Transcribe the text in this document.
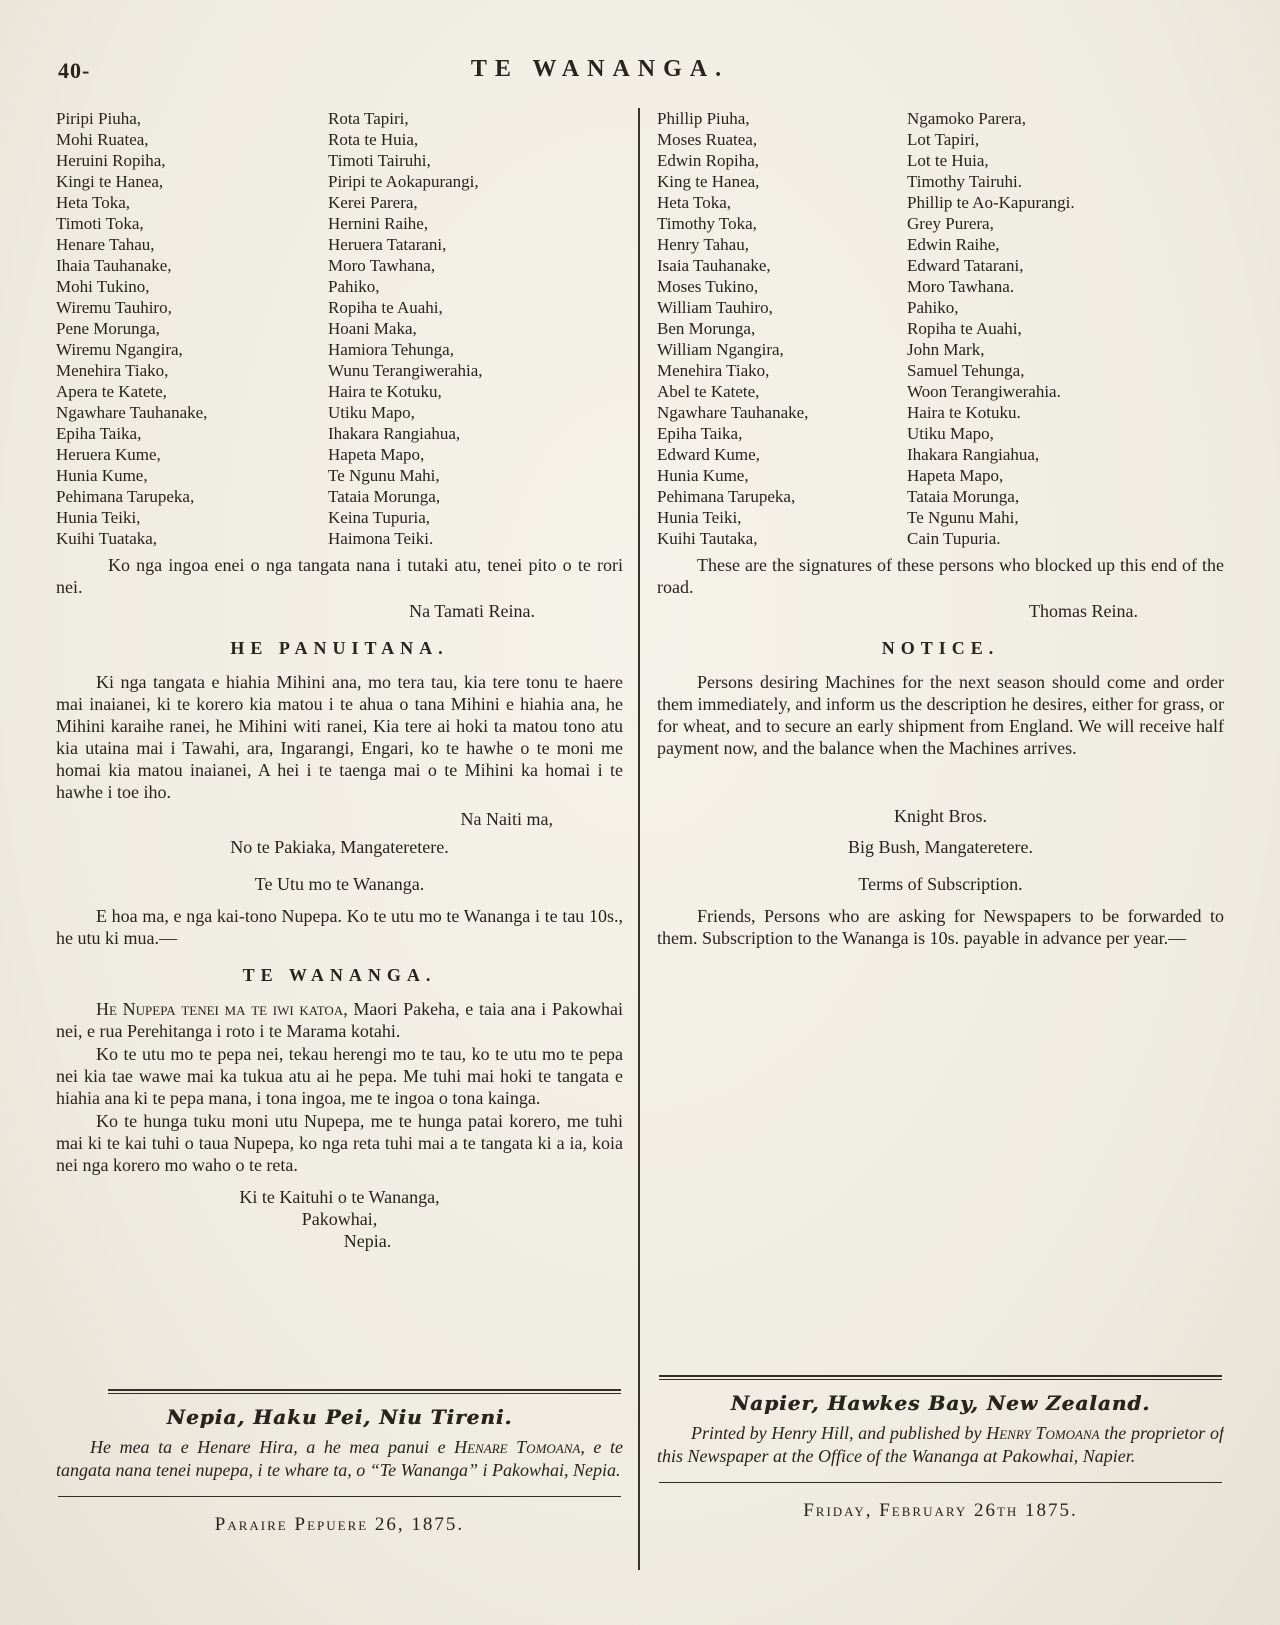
40-	TE WANANGA.
Piripi Piuha,
Mohi Ruatea,
Heruini Ropiha,
Kingi te Hanea,
Heta Toka,
Timoti Toka,
Henare Tahau,
Ihaia Tauhanake,
Mohi Tukino,
Wiremu Tauhiro,
Pene Morunga,
Wiremu Ngangira,
Menehira Tiako,
Apera te Katete,
Ngawhare Tauhanake,
Epiha Taika,
Heruera Kume,
Hunia Kume,
Pehimana Tarupeka,
Hunia Teiki,
Kuihi Tuataka,
Rota Tapiri,
Rota te Huia,
Timoti Tairuhi,
Piripi te Aokapurangi,
Kerei Parera,
Hernini Raihe,
Heruera Tatarani,
Moro Tawhana,
Pahiko,
Ropiha te Auahi,
Hoani Maka,
Hamiora Tehunga,
Wunu Terangiwerahia,
Haira te Kotuku,
Utiku Mapo,
Ihakara Rangiahua,
Hapeta Mapo,
Te Ngunu Mahi,
Tataia Morunga,
Keina Tupuria,
Haimona Teiki.

Ko nga ingoa enei o nga tangata nana i tutaki atu, tenei pito o te rori nei.

Na Tamati Reina.

HE PANUITANA.

Ki nga tangata e hiahia Mihini ana, mo tera tau, kia tere tonu te haere mai inaianei, ki te korero kia matou i te ahua o tana Mihini e hiahia ana, he Mihini karaihe ranei, he Mihini witi ranei, Kia tere ai hoki ta matou tono atu kia utaina mai i Tawahi, ara, Ingarangi, Engari, ko te hawhe o te moni me homai kia matou inaianei, A hei i te taenga mai o te Mihini ka homai i te hawhe i toe iho.

Na Naiti ma,

No te Pakiaka, Mangateretere.

Te Utu mo te Wananga.

E hoa ma, e nga kai-tono Nupepa. Ko te utu mo te Wananga i te tau 10s., he utu ki mua.—

TE WANANGA.

He Nupepa tenei ma te iwi katoa, Maori Pakeha, e taia ana i Pakowhai nei, e rua Perehitanga i roto i te Marama kotahi.

Ko te utu mo te pepa nei, tekau herengi mo te tau, ko te utu mo te pepa nei kia tae wawe mai ka tukua atu ai he pepa. Me tuhi mai hoki te tangata e hiahia ana ki te pepa mana, i tona ingoa, me te ingoa o tona kainga.

Ko te hunga tuku moni utu Nupepa, me te hunga patai korero, me tuhi mai ki te kai tuhi o taua Nupepa, ko nga reta tuhi mai a te tangata ki a ia, koia nei nga korero mo waho o te reta.

Ki te Kaituhi o te Wananga,

Pakowhai,

Nepia.

Nepia, Haku Pei, Niu Tireni.

He mea ta e Henare Hira, a he mea panui e Henare Tomoana, e te tangata nana tenei nupepa, i te whare ta, o “Te Wananga” i Pakowhai, Nepia.

Paraire Pepuere 26, 1875.

Phillip Piuha,
Moses Ruatea,
Edwin Ropiha,
King te Hanea,
Heta Toka,
Timothy Toka,
Henry Tahau,
Isaia Tauhanake,
Moses Tukino,
William Tauhiro,
Ben Morunga,
William Ngangira,
Menehira Tiako,
Abel te Katete,
Ngawhare Tauhanake,
Epiha Taika,
Edward Kume,
Hunia Kume,
Pehimana Tarupeka,
Hunia Teiki,
Kuihi Tautaka,
Ngamoko Parera,
Lot Tapiri,
Lot te Huia,
Timothy Tairuhi.
Phillip te Ao-Kapurangi.
Grey Purera,
Edwin Raihe,
Edward Tatarani,
Moro Tawhana.
Pahiko,
Ropiha te Auahi,
John Mark,
Samuel Tehunga,
Woon Terangiwerahia.
Haira te Kotuku.
Utiku Mapo,
Ihakara Rangiahua,
Hapeta Mapo,
Tataia Morunga,
Te Ngunu Mahi,
Cain Tupuria.

These are the signatures of these persons who blocked up this end of the road.

Thomas Reina.

NOTICE.

Persons desiring Machines for the next season should come and order them immediately, and inform us the description he desires, either for grass, or for wheat, and to secure an early shipment from England. We will receive half payment now, and the balance when the Machines arrives.

Knight Bros.

Big Bush, Mangateretere.

Terms of Subscription.

Friends, Persons who are asking for Newspapers to be forwarded to them. Subscription to the Wananga is 10s. payable in advance per year.—

Napier, Hawkes Bay, New Zealand.

Printed by Henry Hill, and published by Henry Tomoana the proprietor of this Newspaper at the Office of the Wananga at Pakowhai, Napier.

Friday, February 26th 1875.
